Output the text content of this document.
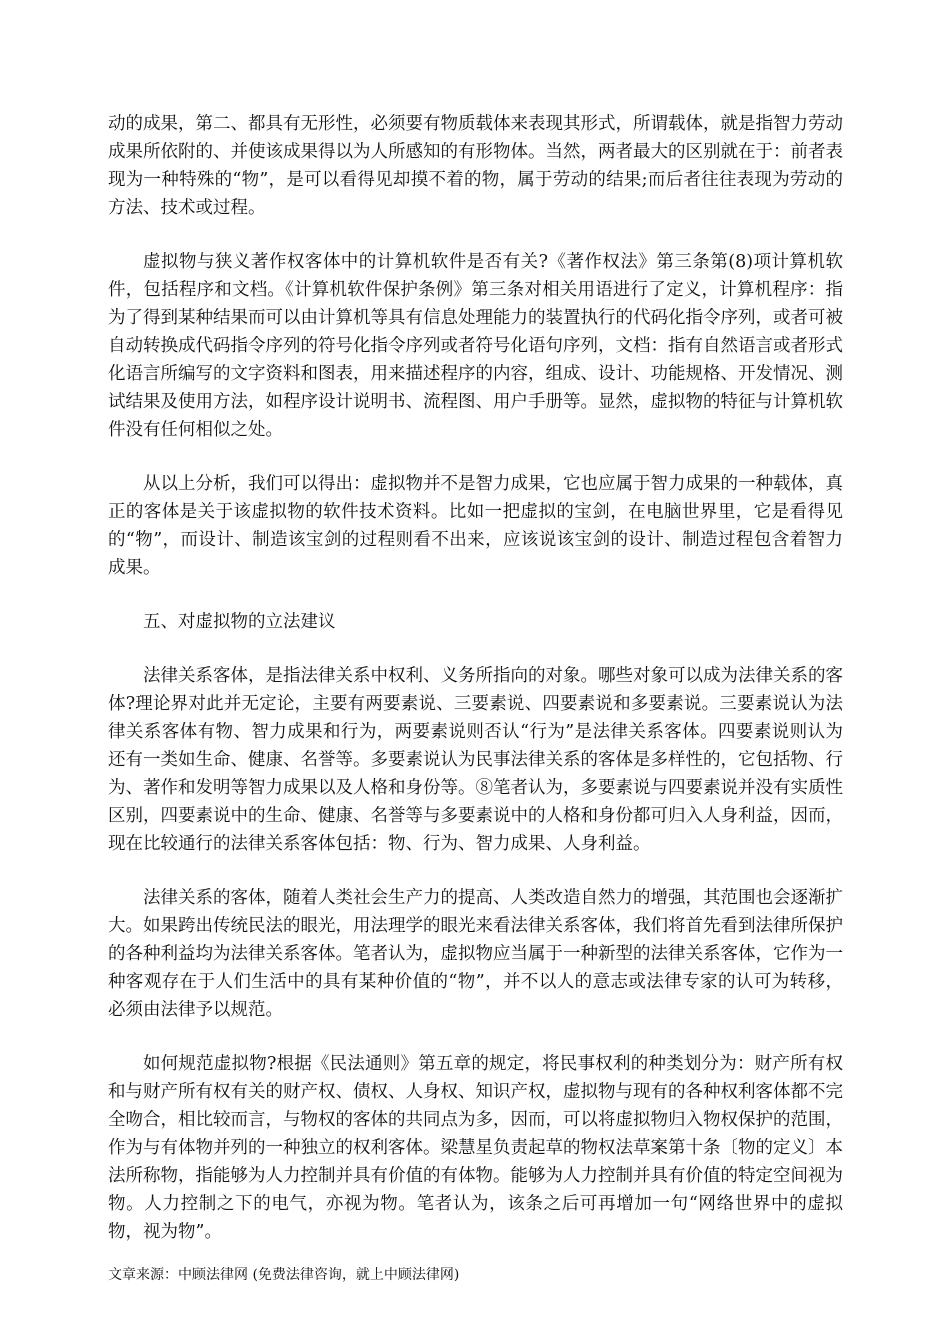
动的成果，第二、都具有无形性，必须要有物质载体来表现其形式，所谓载体，就是指智力劳动成果所依附的、并使该成果得以为人所感知的有形物体。当然，两者最大的区别就在于：前者表现为一种特殊的“物”，是可以看得见却摸不着的物，属于劳动的结果;而后者往往表现为劳动的方法、技术或过程。

虚拟物与狭义著作权客体中的计算机软件是否有关?《著作权法》第三条第(8)项计算机软件，包括程序和文档。《计算机软件保护条例》第三条对相关用语进行了定义，计算机程序：指为了得到某种结果而可以由计算机等具有信息处理能力的装置执行的代码化指令序列，或者可被自动转换成代码指令序列的符号化指令序列或者符号化语句序列，文档：指有自然语言或者形式化语言所编写的文字资料和图表，用来描述程序的内容，组成、设计、功能规格、开发情况、测试结果及使用方法，如程序设计说明书、流程图、用户手册等。显然，虚拟物的特征与计算机软件没有任何相似之处。

从以上分析，我们可以得出：虚拟物并不是智力成果，它也应属于智力成果的一种载体，真正的客体是关于该虚拟物的软件技术资料。比如一把虚拟的宝剑，在电脑世界里，它是看得见的“物”，而设计、制造该宝剑的过程则看不出来，应该说该宝剑的设计、制造过程包含着智力成果。

五、对虚拟物的立法建议

法律关系客体，是指法律关系中权利、义务所指向的对象。哪些对象可以成为法律关系的客体?理论界对此并无定论，主要有两要素说、三要素说、四要素说和多要素说。三要素说认为法律关系客体有物、智力成果和行为，两要素说则否认“行为”是法律关系客体。四要素说则认为还有一类如生命、健康、名誉等。多要素说认为民事法律关系的客体是多样性的，它包括物、行为、著作和发明等智力成果以及人格和身份等。⑧笔者认为，多要素说与四要素说并没有实质性区别，四要素说中的生命、健康、名誉等与多要素说中的人格和身份都可归入人身利益，因而，现在比较通行的法律关系客体包括：物、行为、智力成果、人身利益。

法律关系的客体，随着人类社会生产力的提高、人类改造自然力的增强，其范围也会逐渐扩大。如果跨出传统民法的眼光，用法理学的眼光来看法律关系客体，我们将首先看到法律所保护的各种利益均为法律关系客体。笔者认为，虚拟物应当属于一种新型的法律关系客体，它作为一种客观存在于人们生活中的具有某种价值的“物”，并不以人的意志或法律专家的认可为转移，必须由法律予以规范。

如何规范虚拟物?根据《民法通则》第五章的规定，将民事权利的种类划分为：财产所有权和与财产所有权有关的财产权、债权、人身权、知识产权，虚拟物与现有的各种权利客体都不完全吻合，相比较而言，与物权的客体的共同点为多，因而，可以将虚拟物归入物权保护的范围，作为与有体物并列的一种独立的权利客体。梁慧星负责起草的物权法草案第十条〔物的定义〕本法所称物，指能够为人力控制并具有价值的有体物。能够为人力控制并具有价值的特定空间视为物。人力控制之下的电气，亦视为物。笔者认为，该条之后可再增加一句“网络世界中的虚拟物，视为物”。

文章来源：中顾法律网 (免费法律咨询，就上中顾法律网)
